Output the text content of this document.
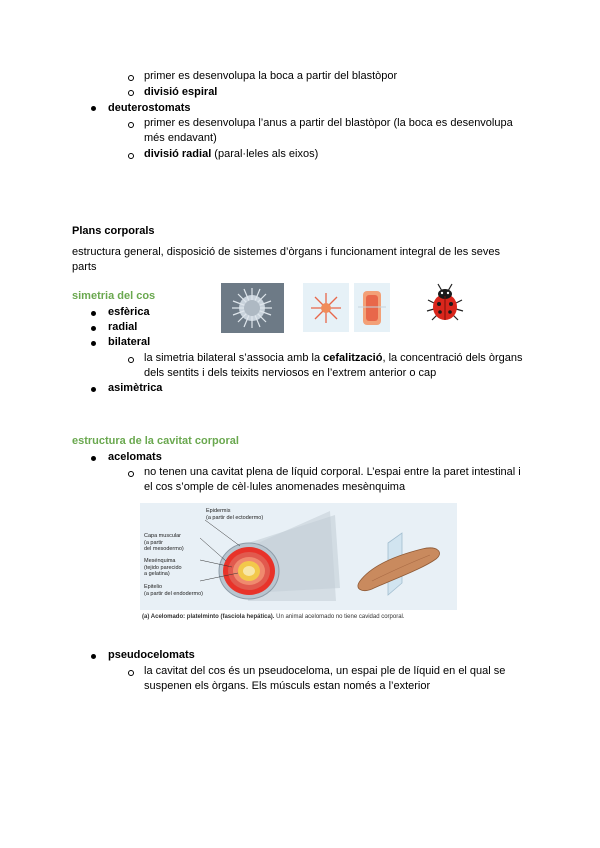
primer es desenvolupa la boca a partir del blastòpor
divisió espiral
deuterostomats
primer es desenvolupa l’anus a partir del blastòpor (la boca es desenvolupa
més endavant)
divisió radial (paral·leles als eixos)
Plans corporals
estructura general, disposició de sistemes d’òrgans i funcionament integral de les seves
parts
simetria del cos
esfèrica
radial
bilateral
la simetria bilateral s’associa amb la cefalització, la concentració dels òrgans
dels sentits i dels teixits nerviosos en l’extrem anterior o cap
asimètrica
estructura de la cavitat corporal
acelomats
no tenen una cavitat plena de líquid corporal. L’espai entre la paret intestinal i
el cos s’omple de cèl·lules anomenades mesènquima
Epidermis
(a partir del ectodermo)
Capa muscular
(a partir
del mesodermo)
Mesénquima
(tejido parecido
a gelatina)
Epitelio
(a partir del endodermo)
(a) Acelomado: platelminto (fasciola hepática). Un animal acelomado no tiene cavidad corporal.
pseudocelomats
la cavitat del cos és un pseudoceloma, un espai ple de líquid en el qual se
suspenen els òrgans. Els músculs estan només a l’exterior
